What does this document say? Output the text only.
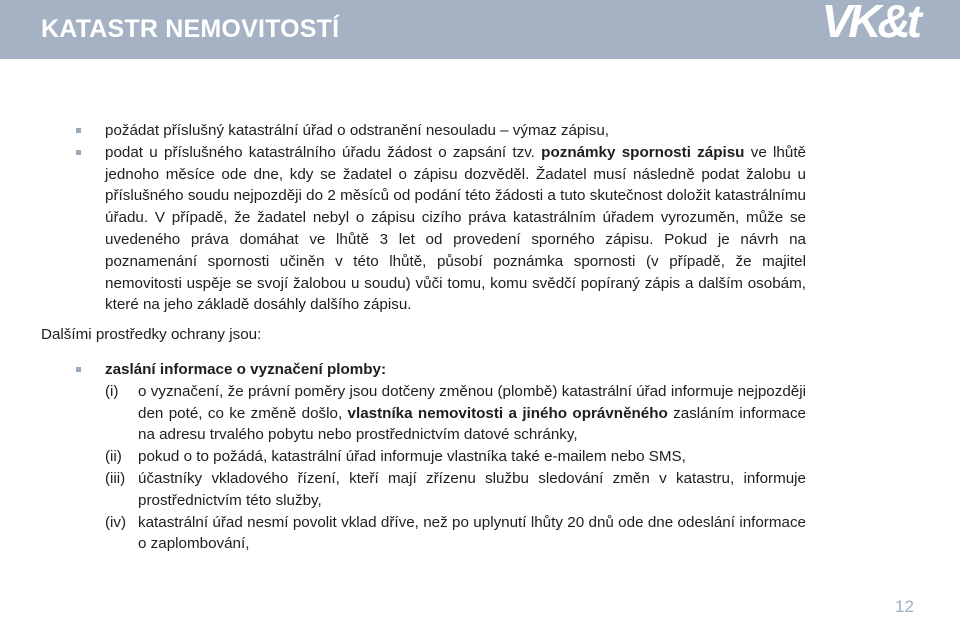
KATASTR NEMOVITOSTÍ	VK&t

požádat příslušný katastrální úřad o odstranění nesouladu – výmaz zápisu,

podat u příslušného katastrálního úřadu žádost o zapsání tzv. poznámky spornosti zápisu ve lhůtě jednoho měsíce ode dne, kdy se žadatel o zápisu dozvěděl. Žadatel musí následně podat žalobu u příslušného soudu nejpozději do 2 měsíců od podání této žádosti a tuto skutečnost doložit katastrálnímu úřadu. V případě, že žadatel nebyl o zápisu cizího práva katastrálním úřadem vyrozuměn, může se uvedeného práva domáhat ve lhůtě 3 let od provedení sporného zápisu. Pokud je návrh na poznamenání spornosti učiněn v této lhůtě, působí poznámka spornosti (v případě, že majitel nemovitosti uspěje se svojí žalobou u soudu) vůči tomu, komu svědčí popíraný zápis a dalším osobám, které na jeho základě dosáhly dalšího zápisu.

Dalšími prostředky ochrany jsou:

zaslání informace o vyznačení plomby:

(i) o vyznačení, že právní poměry jsou dotčeny změnou (plombě) katastrální úřad informuje nejpozději den poté, co ke změně došlo, vlastníka nemovitosti a jiného oprávněného zasláním informace na adresu trvalého pobytu nebo prostřednictvím datové schránky,

(ii) pokud o to požádá, katastrální úřad informuje vlastníka také e-mailem nebo SMS,

(iii) účastníky vkladového řízení, kteří mají zřízenu službu sledování změn v katastru, informuje prostřednictvím této služby,

(iv) katastrální úřad nesmí povolit vklad dříve, než po uplynutí lhůty 20 dnů ode dne odeslání informace o zaplombování,

12
